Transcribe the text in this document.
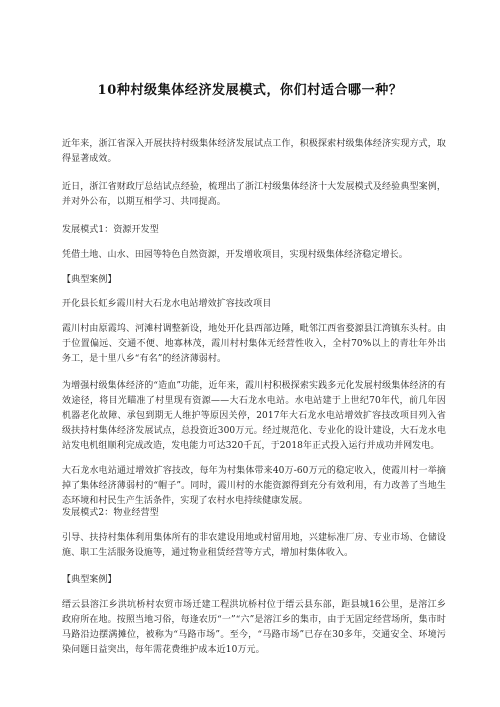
10种村级集体经济发展模式，你们村适合哪一种？

近年来，浙江省深入开展扶持村级集体经济发展试点工作，积极探索村级集体经济实现方式，取得显著成效。

近日，浙江省财政厅总结试点经验，梳理出了浙江村级集体经济十大发展模式及经验典型案例，并对外公布，以期互相学习、共同提高。

发展模式1：资源开发型

凭借土地、山水、田园等特色自然资源，开发增收项目，实现村级集体经济稳定增长。

【典型案例】

开化县长虹乡霞川村大石龙水电站增效扩容技改项目

霞川村由原霞坞、河滩村调整新设，地处开化县西部边陲，毗邻江西省婺源县江湾镇东头村。由于位置偏远、交通不便、地寡林茂，霞川村村集体无经营性收入，全村70%以上的青壮年外出务工，是十里八乡“有名”的经济薄弱村。

为增强村级集体经济的“造血”功能，近年来，霞川村积极探索实践多元化发展村级集体经济的有效途径，将目光瞄准了村里现有资源——大石龙水电站。水电站建于上世纪70年代，前几年因机器老化故障、承包到期无人维护等原因关停，2017年大石龙水电站增效扩容技改项目列入省级扶持村集体经济发展试点，总投资近300万元。经过规范化、专业化的设计建设，大石龙水电站发电机组顺利完成改造，发电能力可达320千瓦，于2018年正式投入运行并成功并网发电。

大石龙水电站通过增效扩容技改，每年为村集体带来40万-60万元的稳定收入，使霞川村一举摘掉了集体经济薄弱村的“帽子”。同时，霞川村的水能资源得到充分有效利用，有力改善了当地生态环境和村民生产生活条件，实现了农村水电持续健康发展。

发展模式2：物业经营型

引导、扶持村集体利用集体所有的非农建设用地或村留用地，兴建标准厂房、专业市场、仓储设施、职工生活服务设施等，通过物业租赁经营等方式，增加村集体收入。

【典型案例】

缙云县溶江乡洪坑桥村农贸市场迁建工程洪坑桥村位于缙云县东部，距县城16公里，是溶江乡政府所在地。按照当地习俗，每逢农历“一”“六”是溶江乡的集市，由于无固定经营场所，集市时马路沿边摆满摊位，被称为“马路市场”。至今，“马路市场”已存在30多年，交通安全、环境污染问题日益突出，每年需花费维护成本近10万元。
